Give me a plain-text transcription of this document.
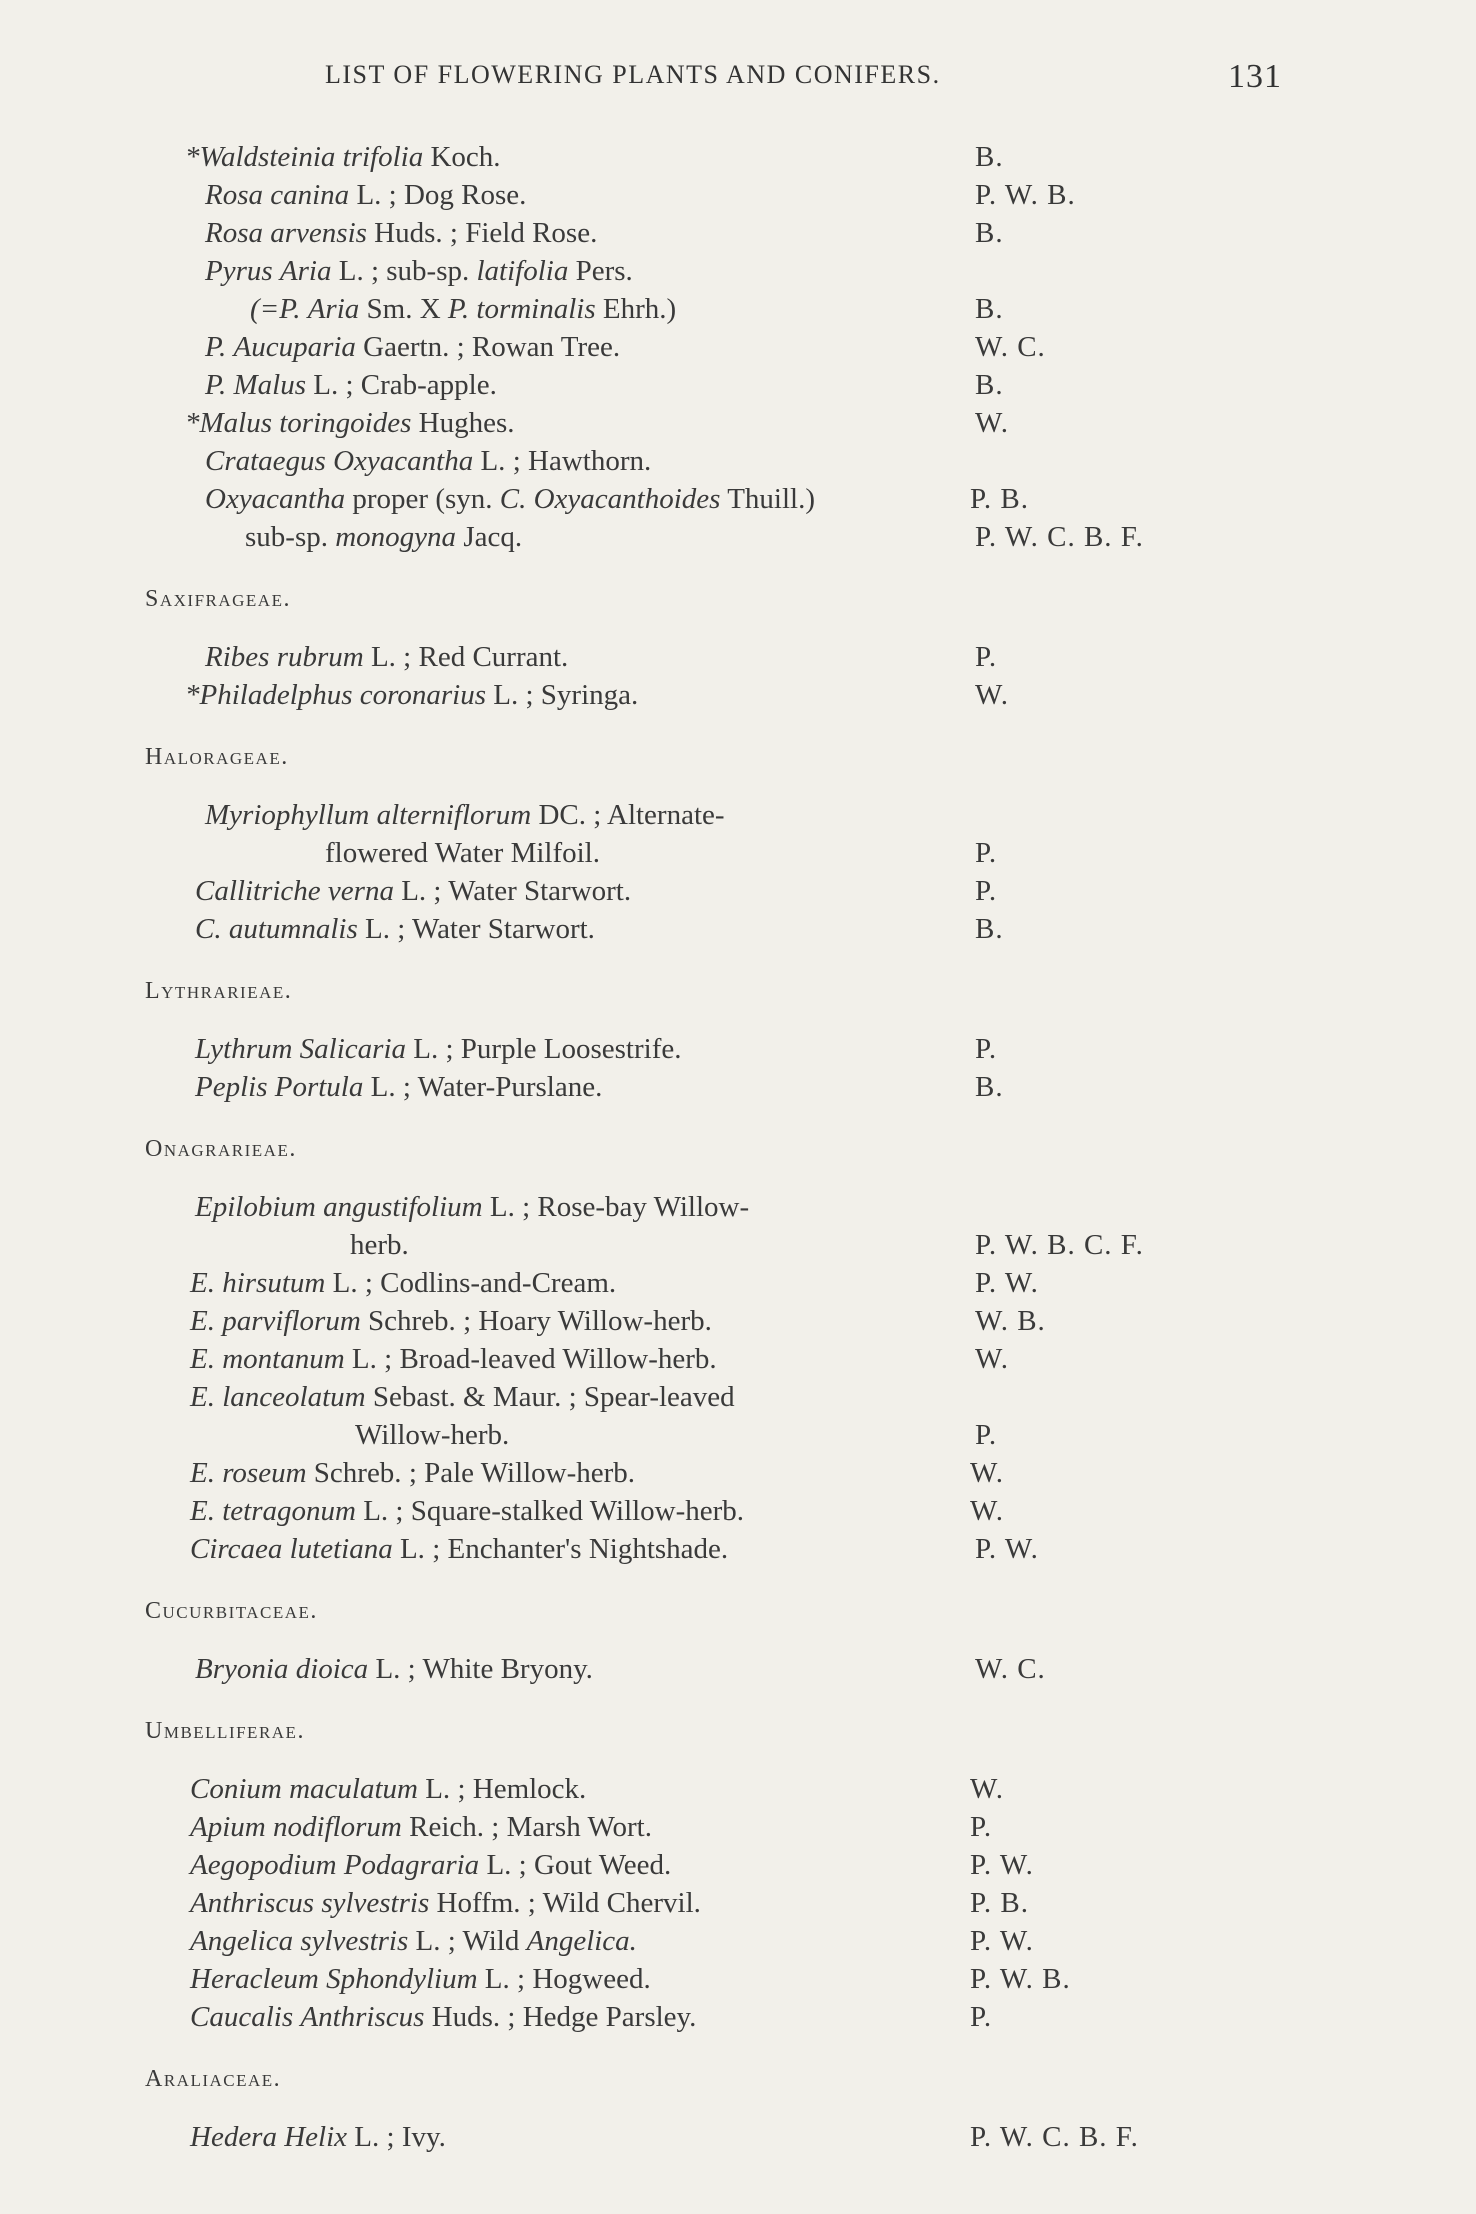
LIST OF FLOWERING PLANTS AND CONIFERS.	131
*Waldsteinia trifolia Koch.	B.
Rosa canina L. ; Dog Rose.	P. W. B.
Rosa arvensis Huds. ; Field Rose.	B.
Pyrus Aria L. ; sub-sp. latifolia Pers.
(=P. Aria Sm. X P. torminalis Ehrh.)	B.
P. Aucuparia Gaertn. ; Rowan Tree.	W. C.
P. Malus L. ; Crab-apple.	B.
*Malus toringoides Hughes.	W.
Crataegus Oxyacantha L. ; Hawthorn.
Oxyacantha proper (syn. C. Oxyacanthoides Thuill.)	P. B.
sub-sp. monogyna Jacq.	P. W. C. B. F.
Saxifrageae.
Ribes rubrum L. ; Red Currant.	P.
*Philadelphus coronarius L. ; Syringa.	W.
Halorageae.
Myriophyllum alterniflorum DC. ; Alternate-
flowered Water Milfoil.	P.
Callitriche verna L. ; Water Starwort.	P.
C. autumnalis L. ; Water Starwort.	B.
Lythrarieae.
Lythrum Salicaria L. ; Purple Loosestrife.	P.
Peplis Portula L. ; Water-Purslane.	B.
Onagrarieae.
Epilobium angustifolium L. ; Rose-bay Willow-
herb.	P. W. B. C. F.
E. hirsutum L. ; Codlins-and-Cream.	P. W.
E. parviflorum Schreb. ; Hoary Willow-herb.	W. B.
E. montanum L. ; Broad-leaved Willow-herb.	W.
E. lanceolatum Sebast. & Maur. ; Spear-leaved
Willow-herb.	P.
E. roseum Schreb. ; Pale Willow-herb.	W.
E. tetragonum L. ; Square-stalked Willow-herb.	W.
Circaea lutetiana L. ; Enchanter's Nightshade.	P. W.
Cucurbitaceae.
Bryonia dioica L. ; White Bryony.	W. C.
Umbelliferae.
Conium maculatum L. ; Hemlock.	W.
Apium nodiflorum Reich. ; Marsh Wort.	P.
Aegopodium Podagraria L. ; Gout Weed.	P. W.
Anthriscus sylvestris Hoffm. ; Wild Chervil.	P. B.
Angelica sylvestris L. ; Wild Angelica.	P. W.
Heracleum Sphondylium L. ; Hogweed.	P. W. B.
Caucalis Anthriscus Huds. ; Hedge Parsley.	P.
Araliaceae.
Hedera Helix L. ; Ivy.	P. W. C. B. F.
